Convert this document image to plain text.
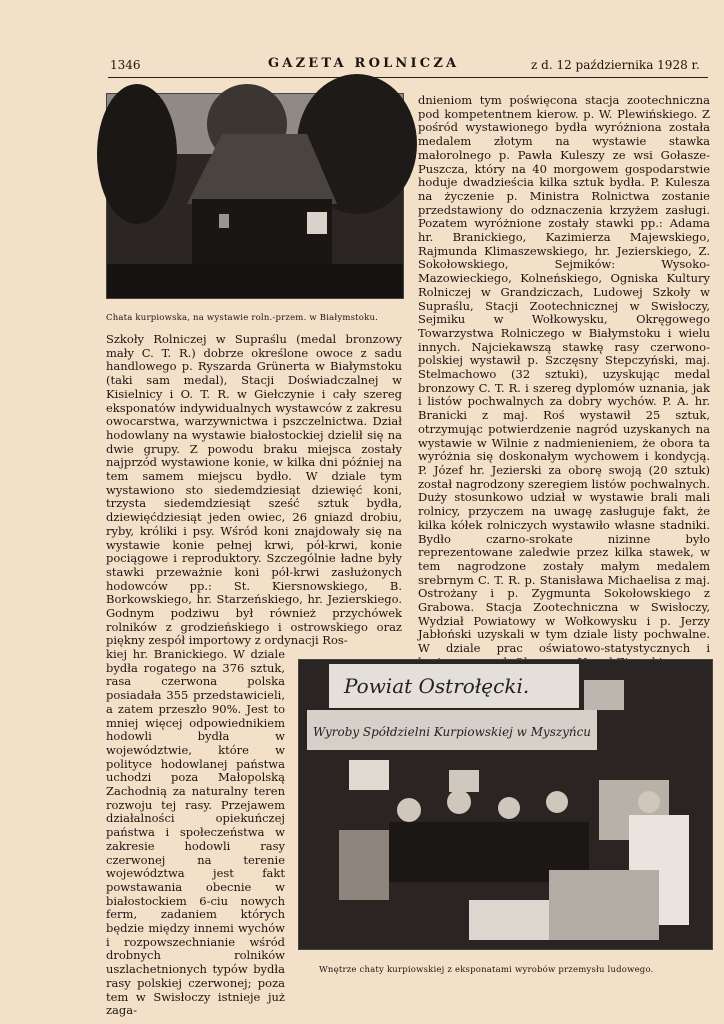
1346	GAZETA ROLNICZA	z d. 12 października 1928 r.
Chata kurpiowska, na wystawie roln.-przem. w Białymstoku.

Szkoły Rolniczej w Supraślu (medal bronzowy mały C. T. R.) dobrze określone owoce z sadu handlowego p. Ryszarda Grünerta w Białymstoku (taki sam medal), Stacji Doświadczalnej w Kisielnicy i O. T. R. w Giełczynie i cały szereg eksponatów indywidualnych wystawców z zakresu owocarstwa, warzywnictwa i pszczelnictwa. Dział hodowlany na wystawie białostockiej dzielił się na dwie grupy. Z powodu braku miejsca zostały najprzód wystawione konie, w kilka dni później na tem samem miejscu bydło. W dziale tym wystawiono sto siedemdziesiąt dziewięć koni, trzysta siedemdziesiąt sześć sztuk bydła, dziewięćdziesiąt jeden owiec, 26 gniazd drobiu, ryby, króliki i psy. Wśród koni znajdowały się na wystawie konie pełnej krwi, pół-krwi, konie pociągowe i reproduktory. Szczególnie ładne były stawki przeważnie koni pół-krwi zasłużonych hodowców pp.: St. Kiersnowskiego, B. Borkowskiego, hr. Starzeńskiego, hr. Jezierskiego. Godnym podziwu był również przychówek rolników z grodzieńskiego i ostrowskiego oraz piękny zespół importowy z ordynacji Ros-

kiej hr. Branickiego. W dziale bydła rogatego na 376 sztuk, rasa czerwona polska posiadała 355 przedstawicieli, a zatem przeszło 90%. Jest to mniej więcej odpowiednikiem hodowli bydła w województwie, które w polityce hodowlanej państwa uchodzi poza Małopolską Zachodnią za naturalny teren rozwoju tej rasy. Przejawem działalności opiekuńczej państwa i społeczeństwa w zakresie hodowli rasy czerwonej na terenie województwa jest fakt powstawania obecnie w białostockiem 6-ciu nowych ferm, zadaniem których będzie między innemi wychów i rozpowszechnianie wśród drobnych rolników uszlachetnionych typów bydła rasy polskiej czerwonej; poza tem w Swisłoczy istnieje już zaga-

dnieniom tym poświęcona stacja zootechniczna pod kompetentnem kierow. p. W. Plewińskiego. Z pośród wystawionego bydła wyróżniona została medalem złotym na wystawie stawka małorolnego p. Pawła Kuleszy ze wsi Gołasze-Puszcza, który na 40 morgowem gospodarstwie hoduje dwadzieścia kilka sztuk bydła. P. Kulesza na życzenie p. Ministra Rolnictwa zostanie przedstawiony do odznaczenia krzyżem zasługi. Pozatem wyróżnione zostały stawki pp.: Adama hr. Branickiego, Kazimierza Majewskiego, Rajmunda Klimaszewskiego, hr. Jezierskiego, Z. Sokołowskiego, Sejmików: Wysoko-Mazowieckiego, Kolneńskiego, Ogniska Kultury Rolniczej w Grandziczach, Ludowej Szkoły w Supraślu, Stacji Zootechnicznej w Swisłoczy, Sejmiku w Wołkowysku, Okręgowego Towarzystwa Rolniczego w Białymstoku i wielu innych. Najciekawszą stawkę rasy czerwono-polskiej wystawił p. Szczęsny Stepczyński, maj. Stelmachowo (32 sztuki), uzyskując medal bronzowy C. T. R. i szereg dyplomów uznania, jak i listów pochwalnych za dobry wychów. P. A. hr. Branicki z maj. Roś wystawił 25 sztuk, otrzymując potwierdzenie nagród uzyskanych na wystawie w Wilnie z nadmienieniem, że obora ta wyróżnia się doskonałym wychowem i kondycją. P. Józef hr. Jezierski za oborę swoją (20 sztuk) został nagrodzony szeregiem listów pochwalnych. Duży stosunkowo udział w wystawie brali mali rolnicy, przyczem na uwagę zasługuje fakt, że kilka kółek rolniczych wystawiło własne stadniki. Bydło czarno-srokate nizinne było reprezentowane zaledwie przez kilka stawek, w tem nagrodzone zostały małym medalem srebrnym C. T. R. p. Stanisława Michaelisa z maj. Ostrożany i p. Zygmunta Sokołowskiego z Grabowa. Stacja Zootechniczna w Swisłoczy, Wydział Powiatowy w Wołkowysku i p. Jerzy Jabłoński uzyskali w tym dziale listy pochwalne. W dziale prac oświatowo-statystycznych i

Powiat Ostrołęcki.
Wyroby Spółdzielni Kurpiowskiej w Myszyńcu
Wnętrze chaty kurpiowskiej z eksponatami wyrobów przemysłu ludowego.
